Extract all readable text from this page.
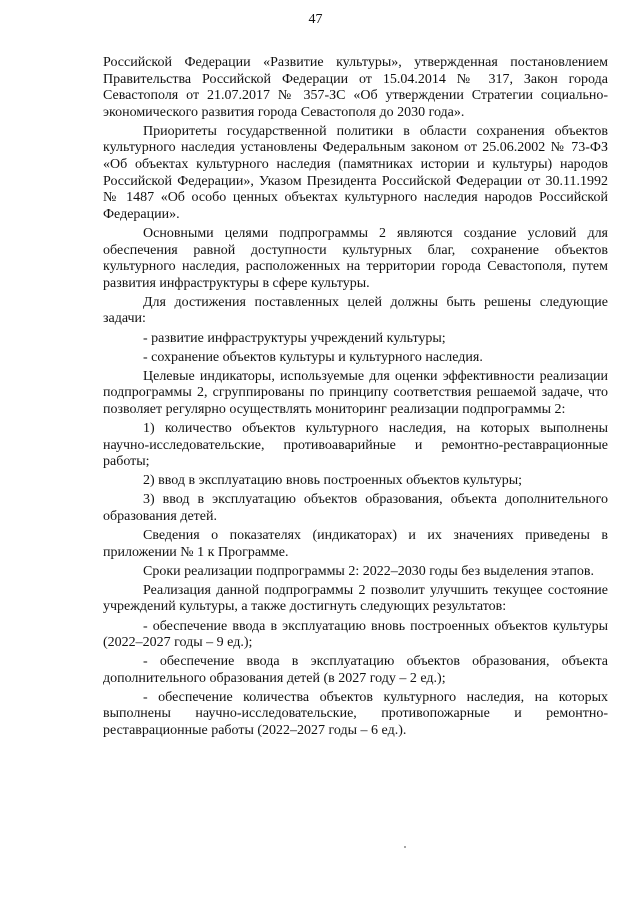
47

Российской Федерации «Развитие культуры», утвержденная постановлением Правительства Российской Федерации от 15.04.2014 № 317, Закон города Севастополя от 21.07.2017 № 357-ЗС «Об утверждении Стратегии социально-экономического развития города Севастополя до 2030 года».

Приоритеты государственной политики в области сохранения объектов культурного наследия установлены Федеральным законом от 25.06.2002 № 73-ФЗ «Об объектах культурного наследия (памятниках истории и культуры) народов Российской Федерации», Указом Президента Российской Федерации от 30.11.1992 № 1487 «Об особо ценных объектах культурного наследия народов Российской Федерации».

Основными целями подпрограммы 2 являются создание условий для обеспечения равной доступности культурных благ, сохранение объектов культурного наследия, расположенных на территории города Севастополя, путем развития инфраструктуры в сфере культуры.

Для достижения поставленных целей должны быть решены следующие задачи:

- развитие инфраструктуры учреждений культуры;

- сохранение объектов культуры и культурного наследия.

Целевые индикаторы, используемые для оценки эффективности реализации подпрограммы 2, сгруппированы по принципу соответствия решаемой задаче, что позволяет регулярно осуществлять мониторинг реализации подпрограммы 2:

1) количество объектов культурного наследия, на которых выполнены научно-исследовательские, противоаварийные и ремонтно-реставрационные работы;

2) ввод в эксплуатацию вновь построенных объектов культуры;

3) ввод в эксплуатацию объектов образования, объекта дополнительного образования детей.

Сведения о показателях (индикаторах) и их значениях приведены в приложении № 1 к Программе.

Сроки реализации подпрограммы 2: 2022–2030 годы без выделения этапов.

Реализация данной подпрограммы 2 позволит улучшить текущее состояние учреждений культуры, а также достигнуть следующих результатов:

- обеспечение ввода в эксплуатацию вновь построенных объектов культуры (2022–2027 годы – 9 ед.);

- обеспечение ввода в эксплуатацию объектов образования, объекта дополнительного образования детей (в 2027 году – 2 ед.);

- обеспечение количества объектов культурного наследия, на которых выполнены научно-исследовательские, противопожарные и ремонтно-реставрационные работы (2022–2027 годы – 6 ед.).
